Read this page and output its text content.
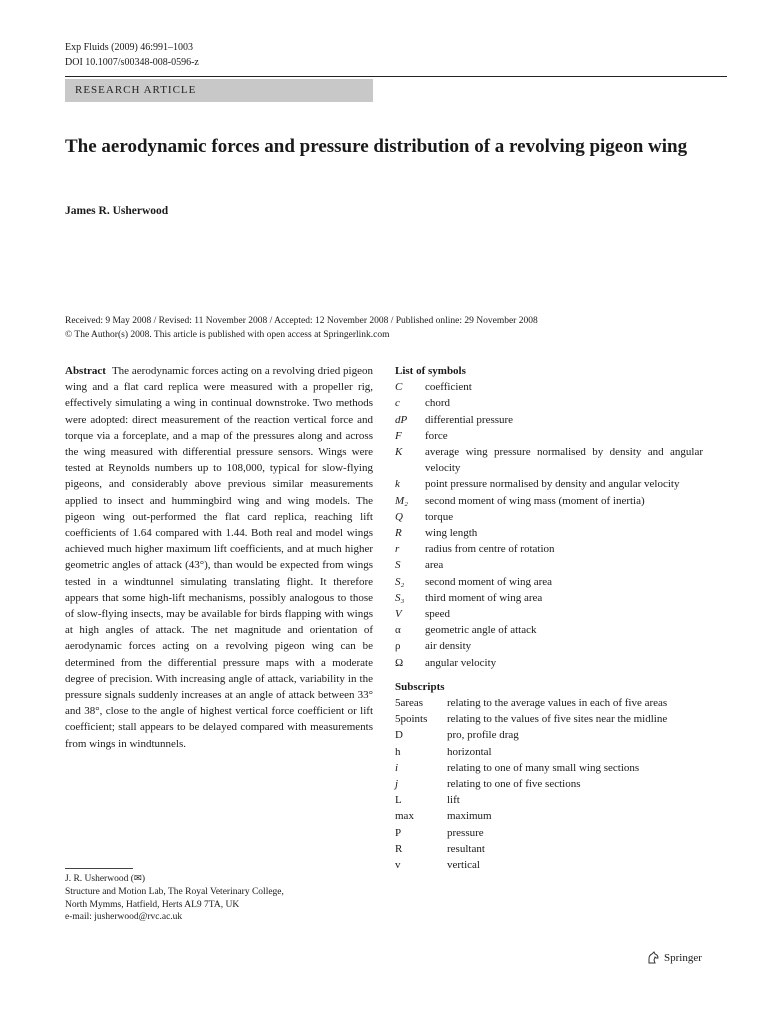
Exp Fluids (2009) 46:991–1003
DOI 10.1007/s00348-008-0596-z
RESEARCH ARTICLE
The aerodynamic forces and pressure distribution of a revolving pigeon wing
James R. Usherwood
Received: 9 May 2008 / Revised: 11 November 2008 / Accepted: 12 November 2008 / Published online: 29 November 2008
© The Author(s) 2008. This article is published with open access at Springerlink.com
Abstract The aerodynamic forces acting on a revolving dried pigeon wing and a flat card replica were measured with a propeller rig, effectively simulating a wing in continual downstroke. Two methods were adopted: direct measurement of the reaction vertical force and torque via a forceplate, and a map of the pressures along and across the wing measured with differential pressure sensors. Wings were tested at Reynolds numbers up to 108,000, typical for slow-flying pigeons, and considerably above previous similar measurements applied to insect and hummingbird wing and wing models. The pigeon wing out-performed the flat card replica, reaching lift coefficients of 1.64 compared with 1.44. Both real and model wings achieved much higher maximum lift coefficients, and at much higher geometric angles of attack (43°), than would be expected from wings tested in a windtunnel simulating translating flight. It therefore appears that some high-lift mechanisms, possibly analogous to those of slow-flying insects, may be available for birds flapping with wings at high angles of attack. The net magnitude and orientation of aerodynamic forces acting on a revolving pigeon wing can be determined from the differential pressure maps with a moderate degree of precision. With increasing angle of attack, variability in the pressure signals suddenly increases at an angle of attack between 33° and 38°, close to the angle of highest vertical force coefficient or lift coefficient; stall appears to be delayed compared with measurements from wings in windtunnels.
J. R. Usherwood (✉)
Structure and Motion Lab, The Royal Veterinary College,
North Mymms, Hatfield, Herts AL9 7TA, UK
e-mail: jusherwood@rvc.ac.uk
List of symbols
C	coefficient
c	chord
dP	differential pressure
F	force
K	average wing pressure normalised by density and angular velocity
k	point pressure normalised by density and angular velocity
M₂	second moment of wing mass (moment of inertia)
Q	torque
R	wing length
r	radius from centre of rotation
S	area
S₂	second moment of wing area
S₃	third moment of wing area
V	speed
α	geometric angle of attack
ρ	air density
Ω	angular velocity
Subscripts
5areas	relating to the average values in each of five areas
5points	relating to the values of five sites near the midline
D	pro, profile drag
h	horizontal
i	relating to one of many small wing sections
j	relating to one of five sections
L	lift
max	maximum
P	pressure
R	resultant
v	vertical
Springer
